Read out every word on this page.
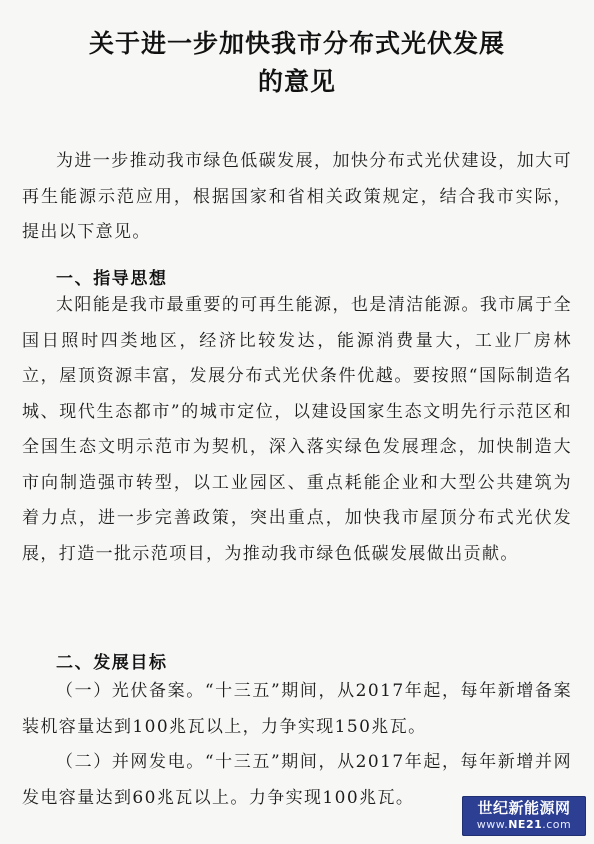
关于进一步加快我市分布式光伏发展
的意见

为进一步推动我市绿色低碳发展，加快分布式光伏建设，加大可再生能源示范应用，根据国家和省相关政策规定，结合我市实际，提出以下意见。

一、指导思想

太阳能是我市最重要的可再生能源，也是清洁能源。我市属于全国日照时四类地区，经济比较发达，能源消费量大，工业厂房林立，屋顶资源丰富，发展分布式光伏条件优越。要按照“国际制造名城、现代生态都市”的城市定位，以建设国家生态文明先行示范区和全国生态文明示范市为契机，深入落实绿色发展理念，加快制造大市向制造强市转型，以工业园区、重点耗能企业和大型公共建筑为着力点，进一步完善政策，突出重点，加快我市屋顶分布式光伏发展，打造一批示范项目，为推动我市绿色低碳发展做出贡献。

二、发展目标

（一）光伏备案。“十三五”期间，从2017年起，每年新增备案装机容量达到100兆瓦以上，力争实现150兆瓦。

（二）并网发电。“十三五”期间，从2017年起，每年新增并网发电容量达到60兆瓦以上。力争实现100兆瓦。

世纪新能源网
www.NE21.com
